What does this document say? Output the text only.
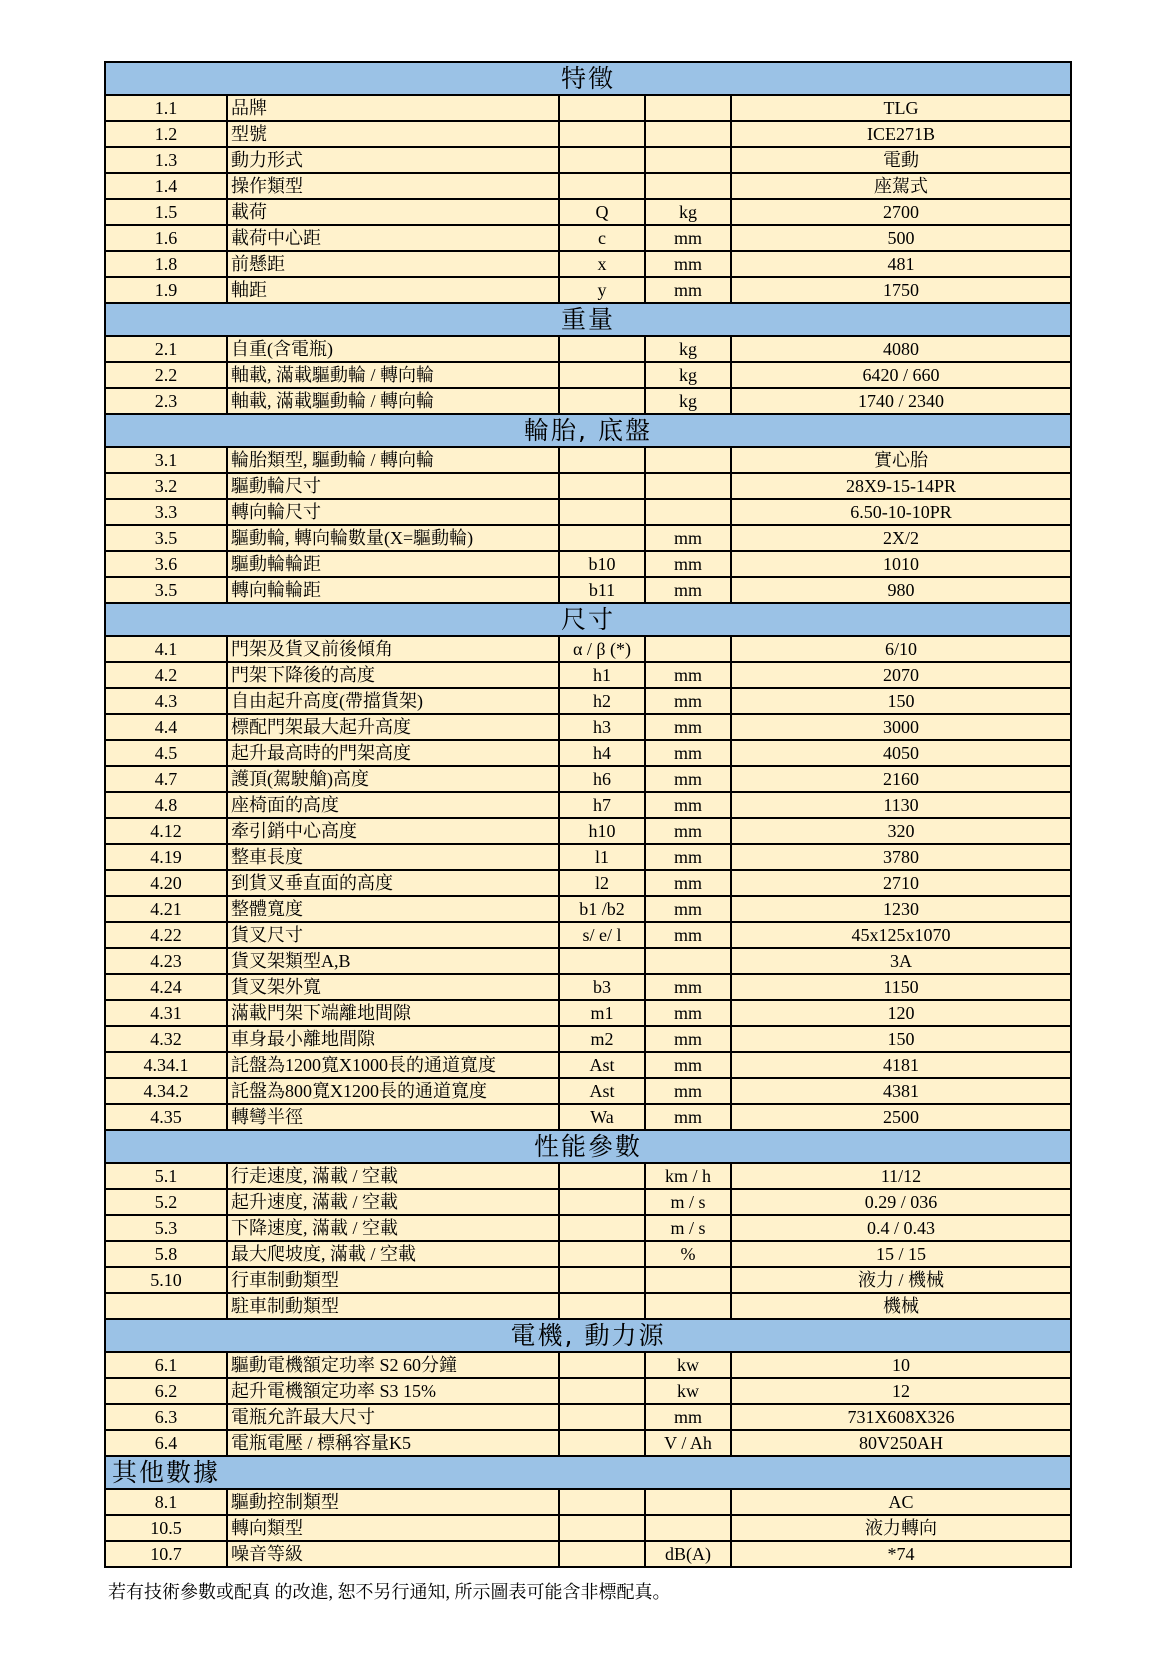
特徵				
1.1	品牌			TLG
1.2	型號			ICE271B
1.3	動力形式			電動
1.4	操作類型			座駕式
1.5	載荷	Q	kg	2700
1.6	載荷中心距	c	mm	500
1.8	前懸距	x	mm	481
1.9	軸距	y	mm	1750
重量				
2.1	自重(含電瓶)		kg	4080
2.2	軸載, 滿載驅動輪 / 轉向輪		kg	6420 / 660
2.3	軸載, 滿載驅動輪 / 轉向輪		kg	1740 / 2340
輪胎, 底盤				
3.1	輪胎類型, 驅動輪 / 轉向輪			實心胎
3.2	驅動輪尺寸			28X9-15-14PR
3.3	轉向輪尺寸			6.50-10-10PR
3.5	驅動輪, 轉向輪數量(X=驅動輪)		mm	2X/2
3.6	驅動輪輪距	b10	mm	1010
3.5	轉向輪輪距	b11	mm	980
尺寸				
4.1	門架及貨叉前後傾角	α / β (*)		6/10
4.2	門架下降後的高度	h1	mm	2070
4.3	自由起升高度(帶擋貨架)	h2	mm	150
4.4	標配門架最大起升高度	h3	mm	3000
4.5	起升最高時的門架高度	h4	mm	4050
4.7	護頂(駕駛艙)高度	h6	mm	2160
4.8	座椅面的高度	h7	mm	1130
4.12	牽引銷中心高度	h10	mm	320
4.19	整車長度	l1	mm	3780
4.20	到貨叉垂直面的高度	l2	mm	2710
4.21	整體寬度	b1 /b2	mm	1230
4.22	貨叉尺寸	s/ e/ l	mm	45x125x1070
4.23	貨叉架類型A,B			3A
4.24	貨叉架外寬	b3	mm	1150
4.31	滿載門架下端離地間隙	m1	mm	120
4.32	車身最小離地間隙	m2	mm	150
4.34.1	託盤為1200寬X1000長的通道寬度	Ast	mm	4181
4.34.2	託盤為800寬X1200長的通道寬度	Ast	mm	4381
4.35	轉彎半徑	Wa	mm	2500
性能參數				
5.1	行走速度, 滿載 / 空載		km / h	11/12
5.2	起升速度, 滿載 / 空載		m / s	0.29 / 036
5.3	下降速度, 滿載 / 空載		m / s	0.4 / 0.43
5.8	最大爬坡度, 滿載 / 空載		%	15 / 15
5.10	行車制動類型			液力 / 機械
	駐車制動類型			機械
電機, 動力源				
6.1	驅動電機額定功率 S2 60分鐘		kw	10
6.2	起升電機額定功率 S3 15%		kw	12
6.3	電瓶允許最大尺寸		mm	731X608X326
6.4	電瓶電壓 / 標稱容量K5		V / Ah	80V250AH
其他數據				
8.1	驅動控制類型			AC
10.5	轉向類型			液力轉向
10.7	噪音等級		dB(A)	*74
若有技術參數或配真 的改進, 恕不另行通知, 所示圖表可能含非標配真。
